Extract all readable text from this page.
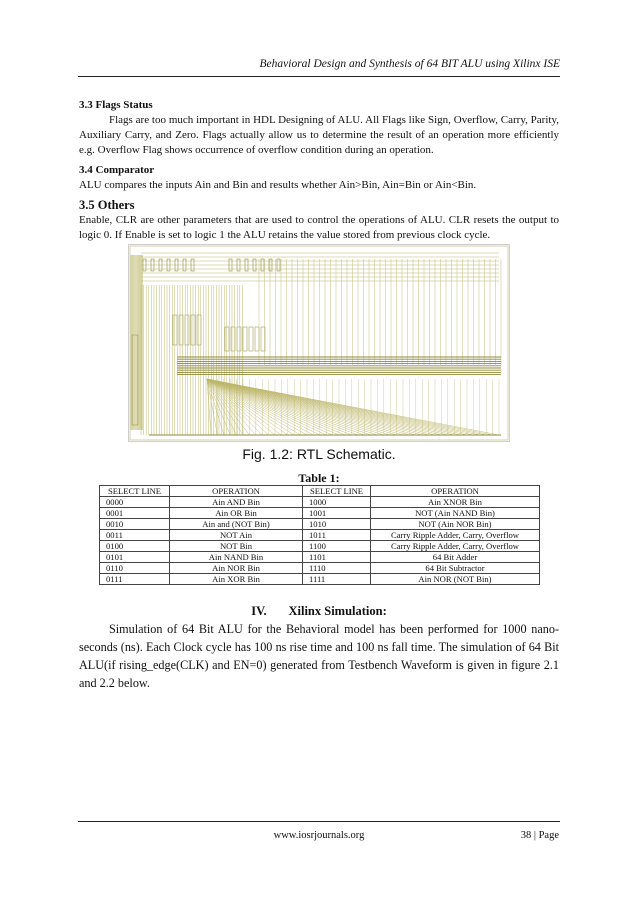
Behavioral Design and Synthesis of 64 BIT ALU using Xilinx ISE
3.3 Flags Status

Flags are too much important in HDL Designing of ALU. All Flags like Sign, Overflow, Carry, Parity, Auxiliary Carry, and Zero. Flags actually allow us to determine the result of an operation more efficiently e.g. Overflow Flag shows occurrence of overflow condition during an operation.

3.4 Comparator

ALU compares the inputs Ain and Bin and results whether Ain>Bin, Ain=Bin or Ain<Bin.

3.5 Others

Enable, CLR are other parameters that are used to control the operations of ALU. CLR resets the output to logic 0. If Enable is set to logic 1 the ALU retains the value stored from previous clock cycle.

Fig. 1.2: RTL Schematic.
Table 1:
SELECT LINE	OPERATION	SELECT LINE	OPERATION
0000	Ain AND Bin	1000	Ain XNOR Bin
0001	Ain OR Bin	1001	NOT (Ain NAND Bin)
0010	Ain and (NOT Bin)	1010	NOT (Ain NOR Bin)
0011	NOT Ain	1011	Carry Ripple Adder, Carry, Overflow
0100	NOT Bin	1100	Carry Ripple Adder, Carry, Overflow
0101	Ain NAND Bin	1101	64 Bit Adder
0110	Ain NOR Bin	1110	64 Bit Subtractor
0111	Ain XOR Bin	1111	Ain NOR (NOT Bin)
IV.       Xilinx Simulation:

Simulation of 64 Bit ALU for the Behavioral model has been performed for 1000 nano-seconds (ns). Each Clock cycle has 100 ns rise time and 100 ns fall time. The simulation of 64 Bit ALU(if rising_edge(CLK) and EN=0) generated from Testbench Waveform is given in figure 2.1 and 2.2 below.

www.iosrjournals.org	38 | Page
